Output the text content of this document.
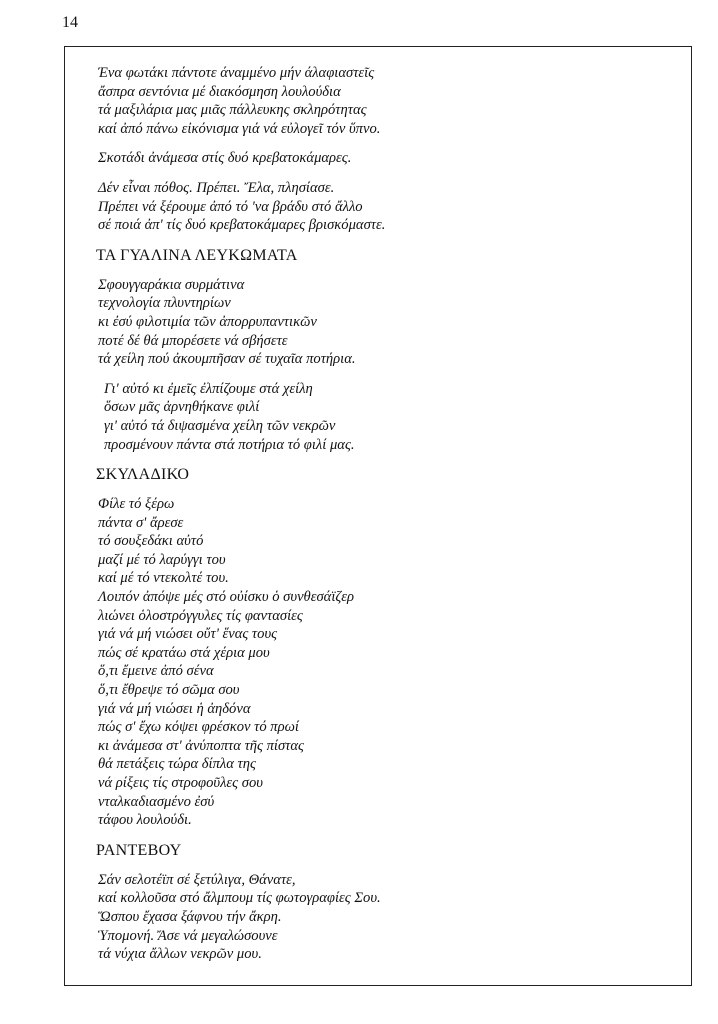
14
Ένα φωτάκι πάντοτε άναμμένο μήν άλαφιαστεῖς
ἄσπρα σεντόνια μέ διακόσμηση λουλούδια
τά μαξιλάρια μας μιᾶς πάλλευκης σκληρότητας
καί ἀπό πάνω εἰκόνισμα γιά νά εὐλογεῖ τόν ὕπνο.
Σκοτάδι ἀνάμεσα στίς δυό κρεβατοκάμαρες.
Δέν εἶναι πόθος. Πρέπει. Ἔλα, πλησίασε.
Πρέπει νά ξέρουμε ἀπό τό 'να βράδυ στό ἄλλο
σέ ποιά ἀπ' τίς δυό κρεβατοκάμαρες βρισκόμαστε.
ΤΑ ΓΥΑΛΙΝΑ ΛΕΥΚΩΜΑΤΑ
Σφουγγαράκια συρμάτινα
τεχνολογία πλυντηρίων
κι ἐσύ φιλοτιμία τῶν ἀπορρυπαντικῶν
ποτέ δέ θά μπορέσετε νά σβήσετε
τά χείλη πού ἀκουμπῆσαν σέ τυχαῖα ποτήρια.
Γι' αὐτό κι ἐμεῖς ἐλπίζουμε στά χείλη
ὅσων μᾶς ἀρνηθήκανε φιλί
γι' αὐτό τά διψασμένα χείλη τῶν νεκρῶν
προσμένουν πάντα στά ποτήρια τό φιλί μας.
ΣΚΥΛΑΔΙΚΟ
Φίλε τό ξέρω
πάντα σ' ἄρεσε
τό σουξεδάκι αὐτό
μαζί μέ τό λαρύγγι του
καί μέ τό ντεκολτέ του.
Λοιπόν ἀπόψε μές στό οὐίσκυ ὁ συνθεσάϊζερ
λιώνει ὁλοστρόγγυλες τίς φαντασίες
γιά νά μή νιώσει οὔτ' ἕνας τους
πώς σέ κρατάω στά χέρια μου
ὅ,τι ἔμεινε ἀπό σένα
ὅ,τι ἔθρεψε τό σῶμα σου
γιά νά μή νιώσει ἡ ἀηδόνα
πώς σ' ἔχω κόψει φρέσκον τό πρωί
κι ἀνάμεσα στ' ἀνύποπτα τῆς πίστας
θά πετάξεις τώρα δίπλα της
νά ρίξεις τίς στροφοῦλες σου
νταλκαδιασμένο ἐσύ
τάφου λουλούδι.
ΡΑΝΤΕΒΟΥ
Σάν σελοτέϊπ σέ ξετύλιγα, Θάνατε,
καί κολλοῦσα στό ἄλμπουμ τίς φωτογραφίες Σου.
Ὥσπου ἔχασα ξάφνου τήν ἄκρη.
Ὑπομονή. Ἄσε νά μεγαλώσουνε
τά νύχια ἄλλων νεκρῶν μου.
